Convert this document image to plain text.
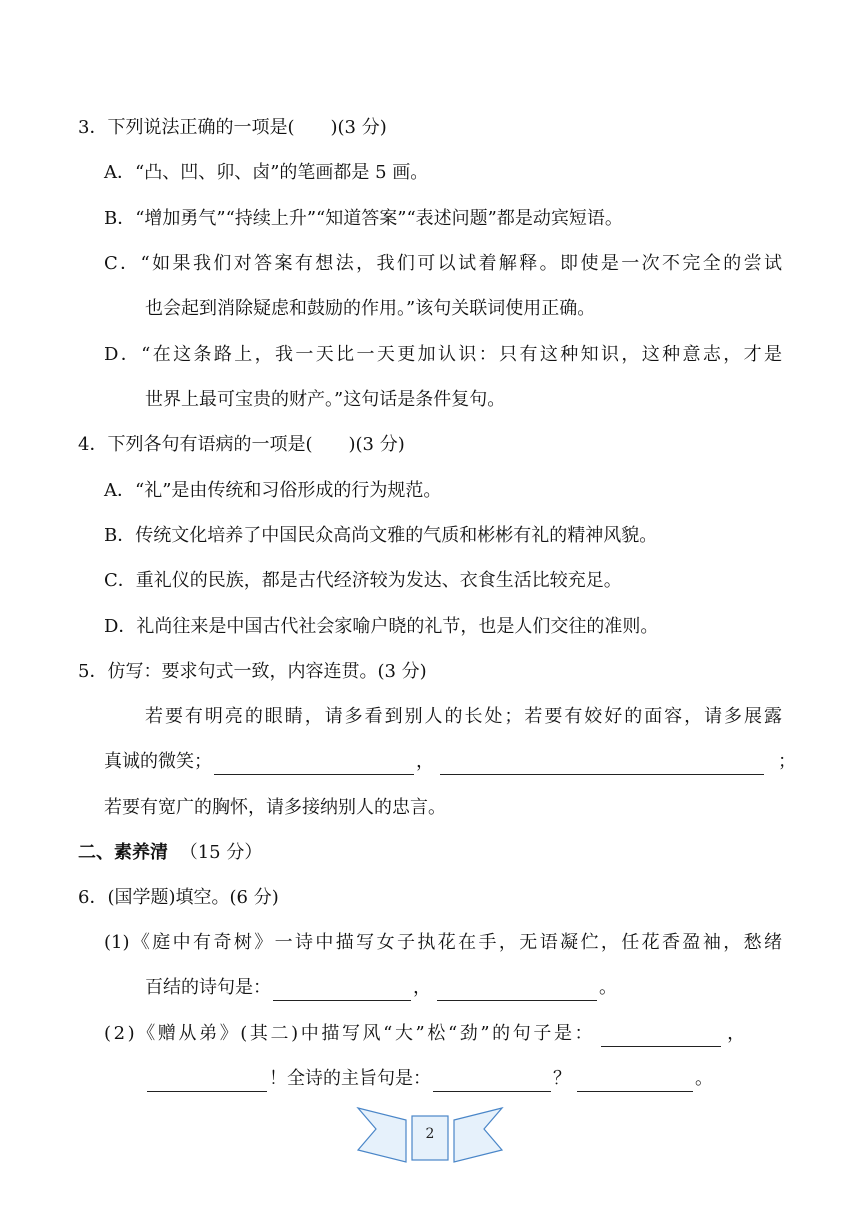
3．下列说法正确的一项是(　　)(3 分)
A．“凸、凹、卯、卤”的笔画都是 5 画。
B．“增加勇气”“持续上升”“知道答案”“表述问题”都是动宾短语。
C．“如果我们对答案有想法，我们可以试着解释。即使是一次不完全的尝试
也会起到消除疑虑和鼓励的作用。”该句关联词使用正确。
D．“在这条路上，我一天比一天更加认识：只有这种知识，这种意志，才是
世界上最可宝贵的财产。”这句话是条件复句。
4．下列各句有语病的一项是(　　)(3 分)
A．“礼”是由传统和习俗形成的行为规范。
B．传统文化培养了中国民众高尚文雅的气质和彬彬有礼的精神风貌。
C．重礼仪的民族，都是古代经济较为发达、衣食生活比较充足。
D．礼尚往来是中国古代社会家喻户晓的礼节，也是人们交往的准则。
5．仿写：要求句式一致，内容连贯。(3 分)
若要有明亮的眼睛，请多看到别人的长处；若要有姣好的面容，请多展露
真诚的微笑；	，	；
若要有宽广的胸怀，请多接纳别人的忠言。
二、素养清 （15 分）
6．(国学题)填空。(6 分)
(1)《庭中有奇树》一诗中描写女子执花在手，无语凝伫，任花香盈袖，愁绪
百结的诗句是：	，	。
(2)《赠从弟》(其二)中描写风“大”松“劲”的句子是：	，
！全诗的主旨句是：	？	。
2
